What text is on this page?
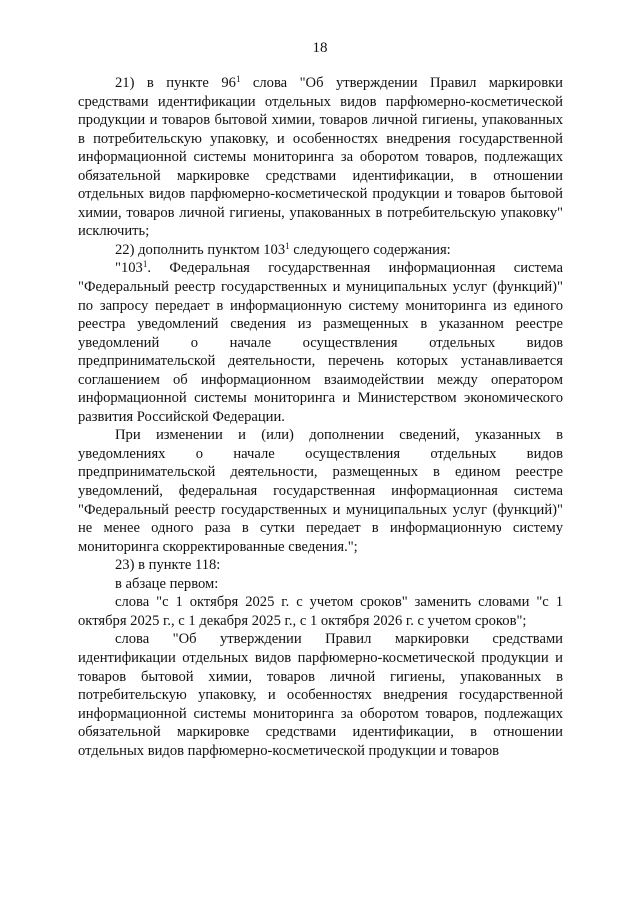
18

21) в пункте $96^1$ слова "Об утверждении Правил маркировки средствами идентификации отдельных видов парфюмерно-косметической продукции и товаров бытовой химии, товаров личной гигиены, упакованных в потребительскую упаковку, и особенностях внедрения государственной информационной системы мониторинга за оборотом товаров, подлежащих обязательной маркировке средствами идентификации, в отношении отдельных видов парфюмерно-косметической продукции и товаров бытовой химии, товаров личной гигиены, упакованных в потребительскую упаковку" исключить;

22) дополнить пунктом $103^1$ следующего содержания:

"$103^1$. Федеральная государственная информационная система "Федеральный реестр государственных и муниципальных услуг (функций)" по запросу передает в информационную систему мониторинга из единого реестра уведомлений сведения из размещенных в указанном реестре уведомлений о начале осуществления отдельных видов предпринимательской деятельности, перечень которых устанавливается соглашением об информационном взаимодействии между оператором информационной системы мониторинга и Министерством экономического развития Российской Федерации.

При изменении и (или) дополнении сведений, указанных в уведомлениях о начале осуществления отдельных видов предпринимательской деятельности, размещенных в едином реестре уведомлений, федеральная государственная информационная система "Федеральный реестр государственных и муниципальных услуг (функций)" не менее одного раза в сутки передает в информационную систему мониторинга скорректированные сведения.";

23) в пункте 118:

в абзаце первом:

слова "с 1 октября 2025 г. с учетом сроков" заменить словами "с 1 октября 2025 г., с 1 декабря 2025 г., с 1 октября 2026 г. с учетом сроков";

слова "Об утверждении Правил маркировки средствами идентификации отдельных видов парфюмерно-косметической продукции и товаров бытовой химии, товаров личной гигиены, упакованных в потребительскую упаковку, и особенностях внедрения государственной информационной системы мониторинга за оборотом товаров, подлежащих обязательной маркировке средствами идентификации, в отношении отдельных видов парфюмерно-косметической продукции и товаров
